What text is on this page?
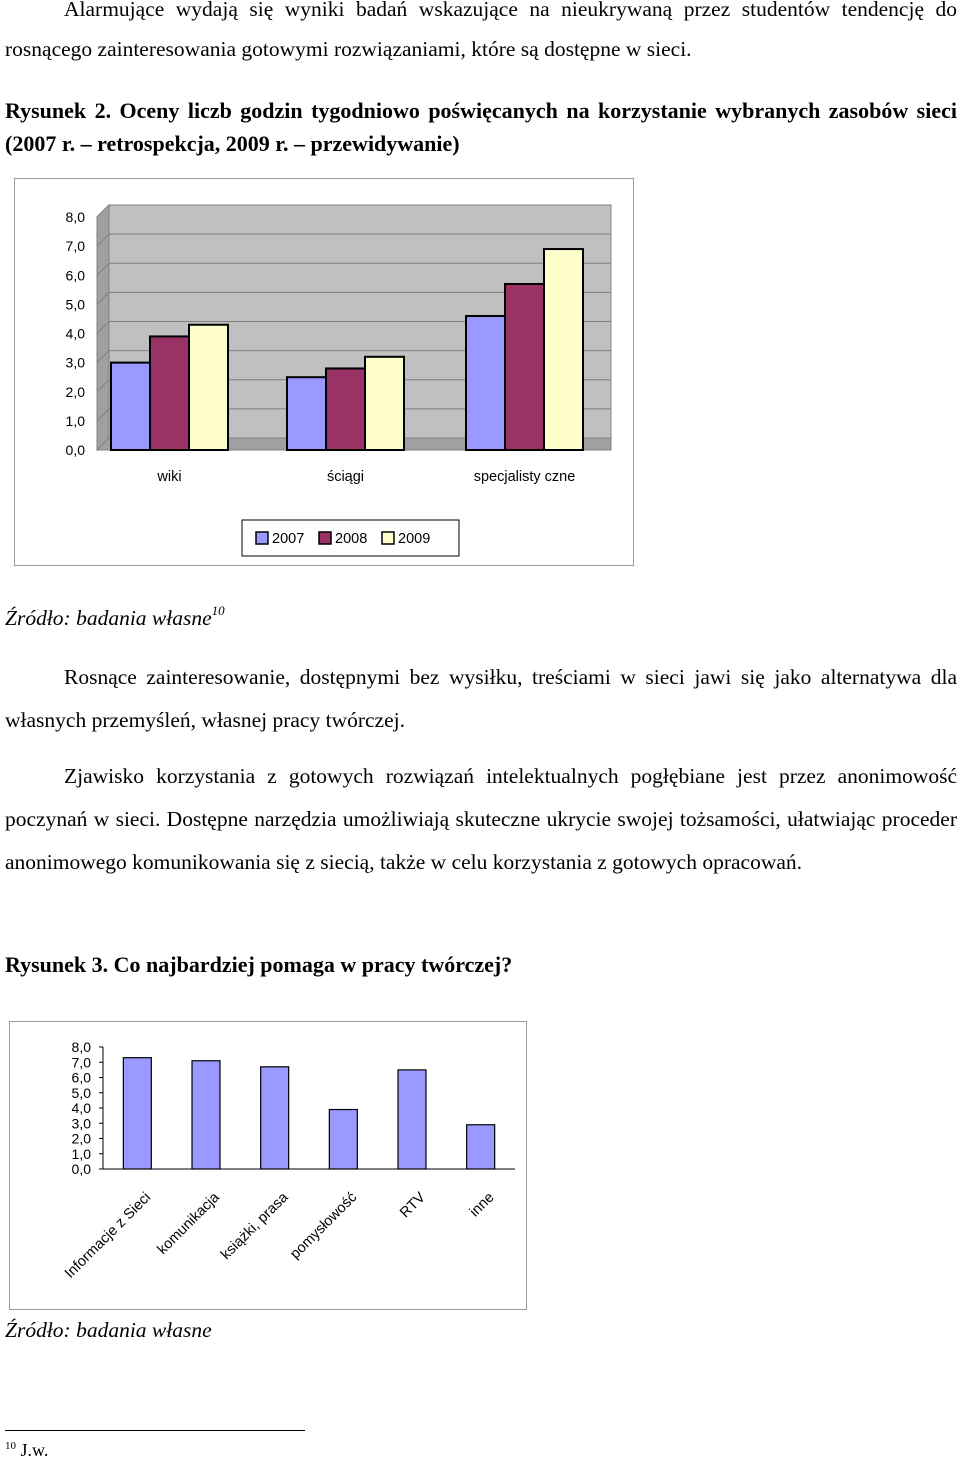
Alarmujące wydają się wyniki badań wskazujące na nieukrywaną przez studentów tendencję do rosnącego zainteresowania gotowymi rozwiązaniami, które są dostępne w sieci.

Rysunek 2. Oceny liczb godzin tygodniowo poświęcanych na korzystanie wybranych zasobów sieci (2007 r. – retrospekcja, 2009 r. – przewidywanie)

0,0
1,0
2,0
3,0
4,0
5,0
6,0
7,0
8,0
wiki	ściągi	specjalisty czne
2007 2008 2009

Źródło: badania własne$^{10}$

Rosnące zainteresowanie, dostępnymi bez wysiłku, treściami w sieci jawi się jako alternatywa dla własnych przemyśleń, własnej pracy twórczej.

Zjawisko korzystania z gotowych rozwiązań intelektualnych pogłębiane jest przez anonimowość poczynań w sieci. Dostępne narzędzia umożliwiają skuteczne ukrycie swojej tożsamości, ułatwiając proceder anonimowego komunikowania się z siecią, także w celu korzystania z gotowych opracowań.

Rysunek 3. Co najbardziej pomaga w pracy twórczej?

0,0
1,0
2,0
3,0
4,0
5,0
6,0
7,0
8,0
Informacje z Sieci komunikacja
książki, prasa
pomysłowość	RTV	inne

Źródło: badania własne

$^{10}$ J.w.
